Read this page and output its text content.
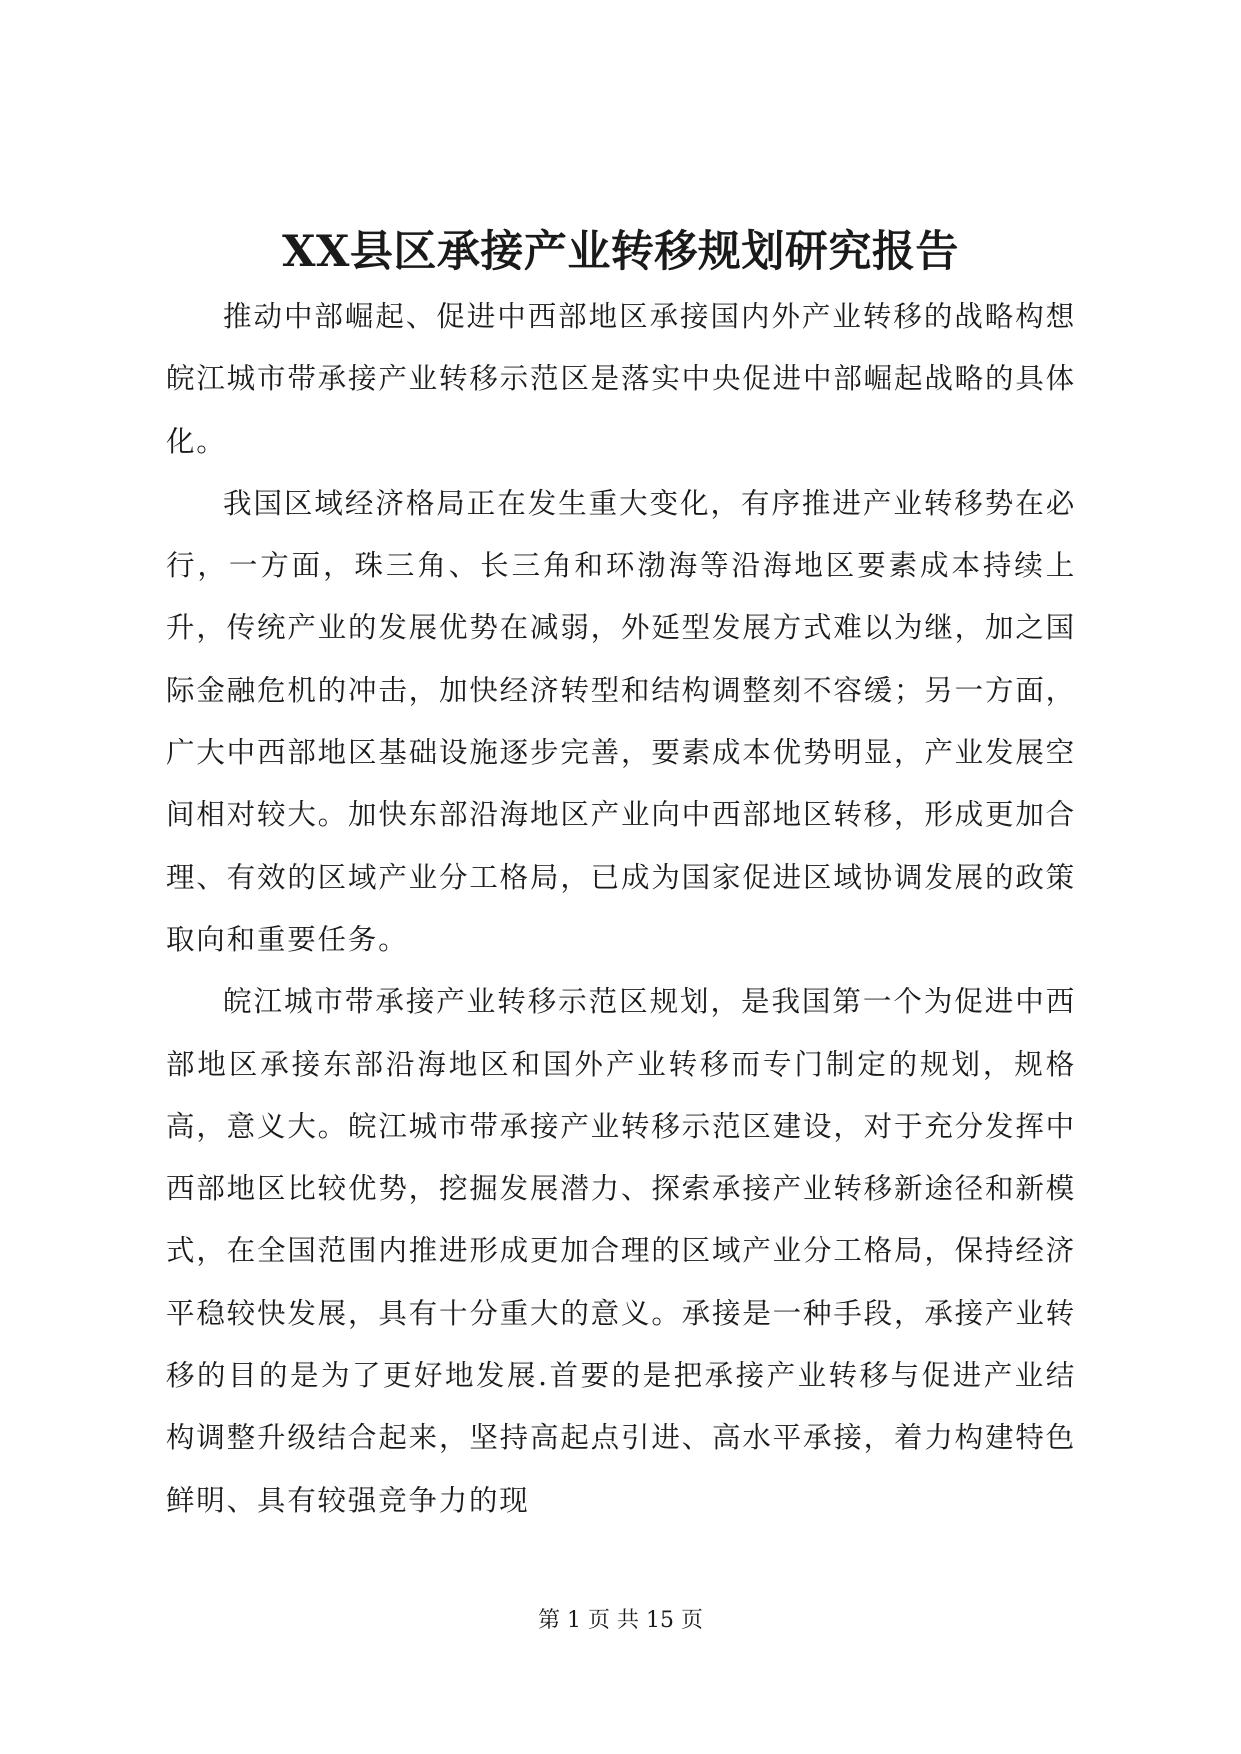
XX县区承接产业转移规划研究报告

推动中部崛起、促进中西部地区承接国内外产业转移的战略构想皖江城市带承接产业转移示范区是落实中央促进中部崛起战略的具体化。

我国区域经济格局正在发生重大变化，有序推进产业转移势在必行，一方面，珠三角、长三角和环渤海等沿海地区要素成本持续上升，传统产业的发展优势在减弱，外延型发展方式难以为继，加之国际金融危机的冲击，加快经济转型和结构调整刻不容缓；另一方面，广大中西部地区基础设施逐步完善，要素成本优势明显，产业发展空间相对较大。加快东部沿海地区产业向中西部地区转移，形成更加合理、有效的区域产业分工格局，已成为国家促进区域协调发展的政策取向和重要任务。

皖江城市带承接产业转移示范区规划，是我国第一个为促进中西部地区承接东部沿海地区和国外产业转移而专门制定的规划，规格高，意义大。皖江城市带承接产业转移示范区建设，对于充分发挥中西部地区比较优势，挖掘发展潜力、探索承接产业转移新途径和新模式，在全国范围内推进形成更加合理的区域产业分工格局，保持经济平稳较快发展，具有十分重大的意义。承接是一种手段，承接产业转移的目的是为了更好地发展.首要的是把承接产业转移与促进产业结构调整升级结合起来，坚持高起点引进、高水平承接，着力构建特色鲜明、具有较强竞争力的现

第 1 页 共 15 页
